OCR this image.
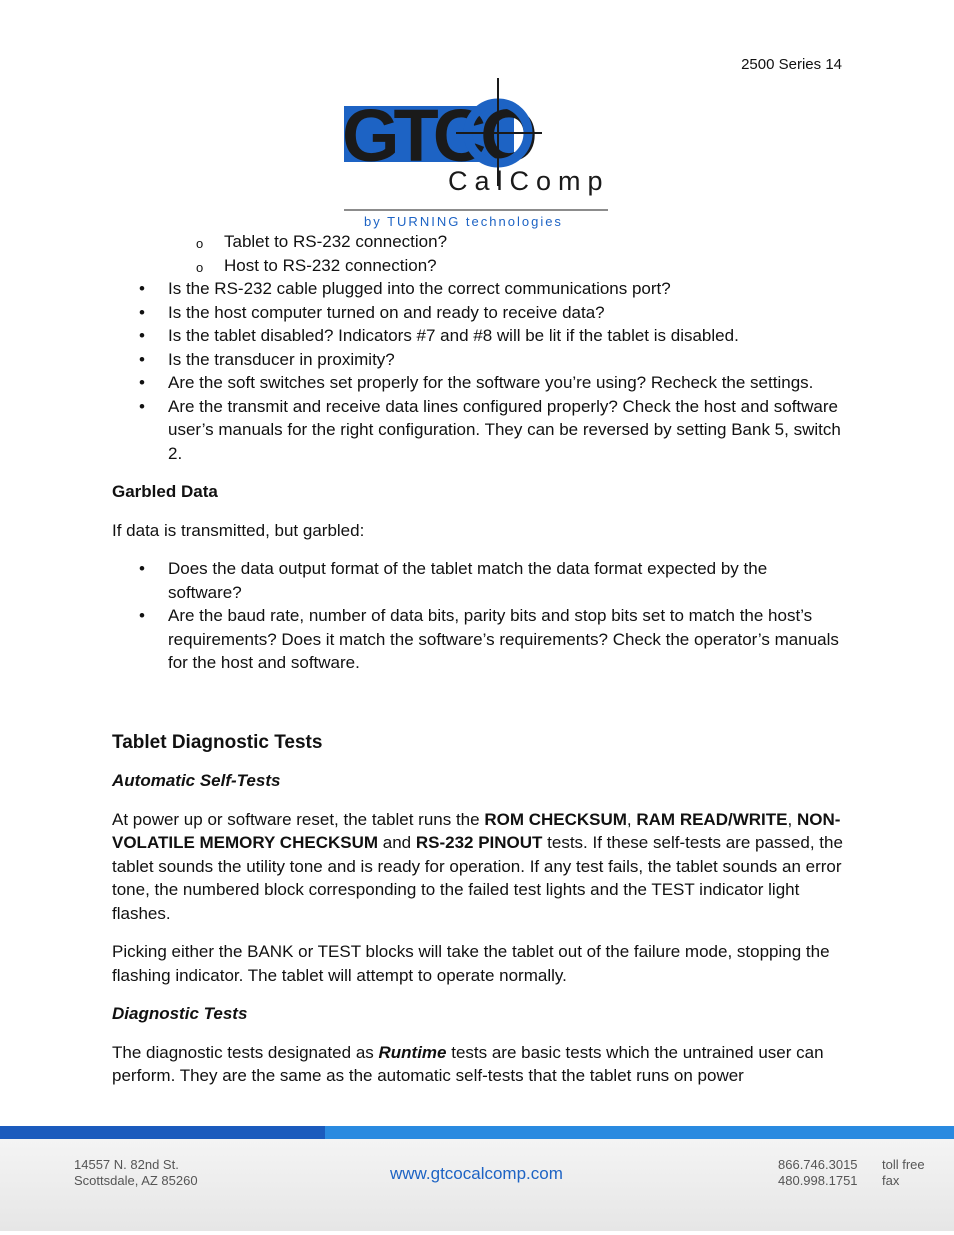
2500 Series 14
GTCO
CalComp
by TURNING technologies
o Tablet to RS-232 connection?
o Host to RS-232 connection?
• Is the RS-232 cable plugged into the correct communications port?
• Is the host computer turned on and ready to receive data?
• Is the tablet disabled? Indicators #7 and #8 will be lit if the tablet is disabled.
• Is the transducer in proximity?
• Are the soft switches set properly for the software you’re using? Recheck the settings.
• Are the transmit and receive data lines configured properly? Check the host and software user’s manuals for the right configuration. They can be reversed by setting Bank 5, switch 2.

Garbled Data

If data is transmitted, but garbled:

• Does the data output format of the tablet match the data format expected by the software?
• Are the baud rate, number of data bits, parity bits and stop bits set to match the host’s requirements? Does it match the software’s requirements? Check the operator’s manuals for the host and software.

Tablet Diagnostic Tests

Automatic Self-Tests

At power up or software reset, the tablet runs the ROM CHECKSUM, RAM READ/WRITE, NON-VOLATILE MEMORY CHECKSUM and RS-232 PINOUT tests. If these self-tests are passed, the tablet sounds the utility tone and is ready for operation. If any test fails, the tablet sounds an error tone, the numbered block corresponding to the failed test lights and the TEST indicator light flashes.

Picking either the BANK or TEST blocks will take the tablet out of the failure mode, stopping the flashing indicator. The tablet will attempt to operate normally.

Diagnostic Tests

The diagnostic tests designated as Runtime tests are basic tests which the untrained user can perform. They are the same as the automatic self-tests that the tablet runs on power

14557 N. 82nd St.
Scottsdale, AZ 85260	www.gtcocalcomp.com	866.746.3015
480.998.1751
toll free
fax
